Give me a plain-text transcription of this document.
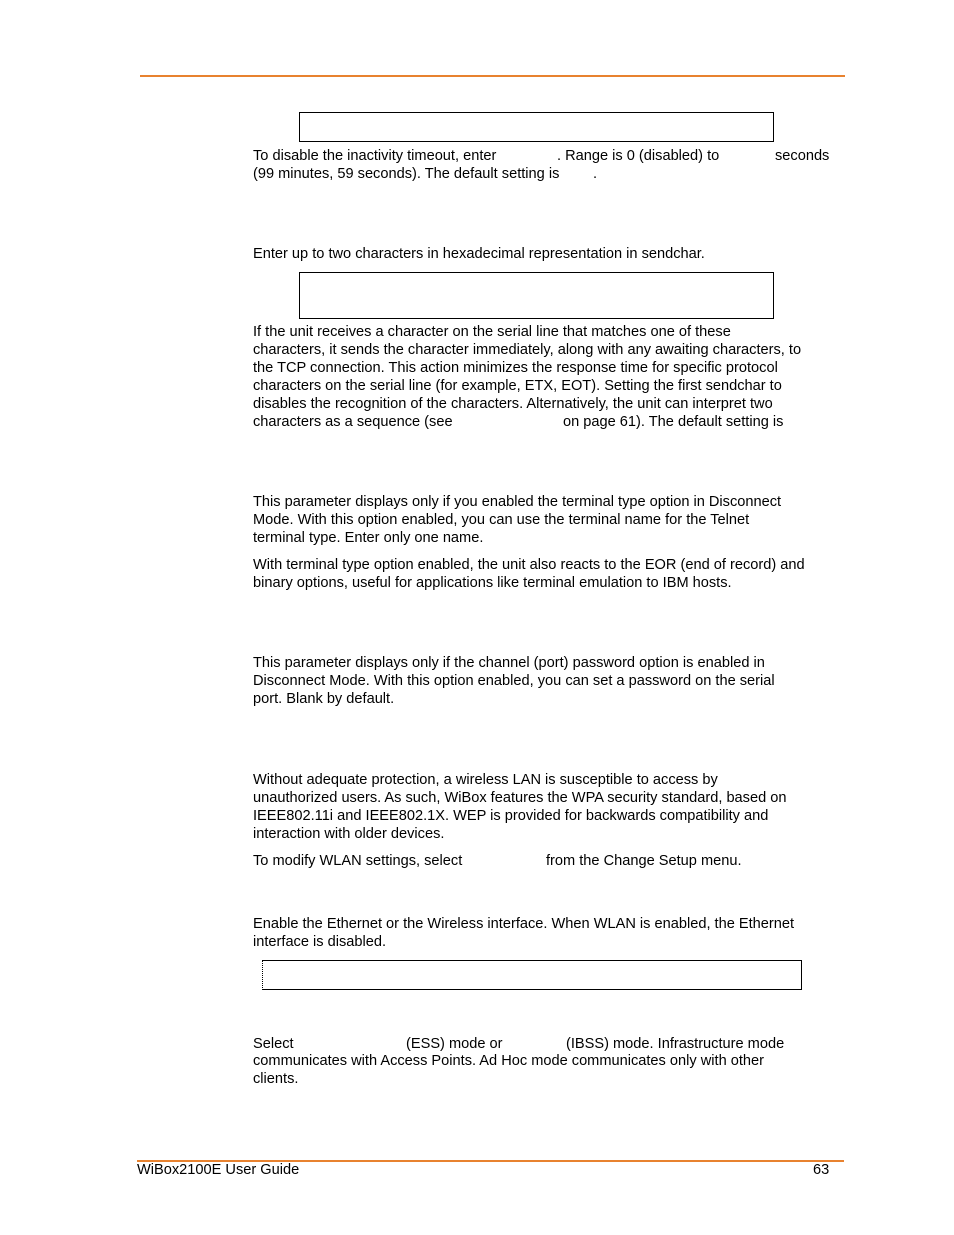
To disable the inactivity timeout, enter	. Range is 0 (disabled) to	seconds
(99 minutes, 59 seconds). The default setting is .
Enter up to two characters in hexadecimal representation in sendchar.
If the unit receives a character on the serial line that matches one of these
characters, it sends the character immediately, along with any awaiting characters, to
the TCP connection. This action minimizes the response time for specific protocol
characters on the serial line (for example, ETX, EOT). Setting the first sendchar to
disables the recognition of the characters. Alternatively, the unit can interpret two
characters as a sequence (see	on page 61). The default setting is
This parameter displays only if you enabled the terminal type option in Disconnect
Mode. With this option enabled, you can use the terminal name for the Telnet
terminal type. Enter only one name.
With terminal type option enabled, the unit also reacts to the EOR (end of record) and
binary options, useful for applications like terminal emulation to IBM hosts.
This parameter displays only if the channel (port) password option is enabled in
Disconnect Mode. With this option enabled, you can set a password on the serial
port. Blank by default.
Without adequate protection, a wireless LAN is susceptible to access by
unauthorized users. As such, WiBox features the WPA security standard, based on
IEEE802.11i and IEEE802.1X. WEP is provided for backwards compatibility and
interaction with older devices.
To modify WLAN settings, select	from the Change Setup menu.
Enable the Ethernet or the Wireless interface. When WLAN is enabled, the Ethernet
interface is disabled.
Select	(ESS) mode or	(IBSS) mode. Infrastructure mode
communicates with Access Points. Ad Hoc mode communicates only with other
clients.
WiBox2100E User Guide	63
